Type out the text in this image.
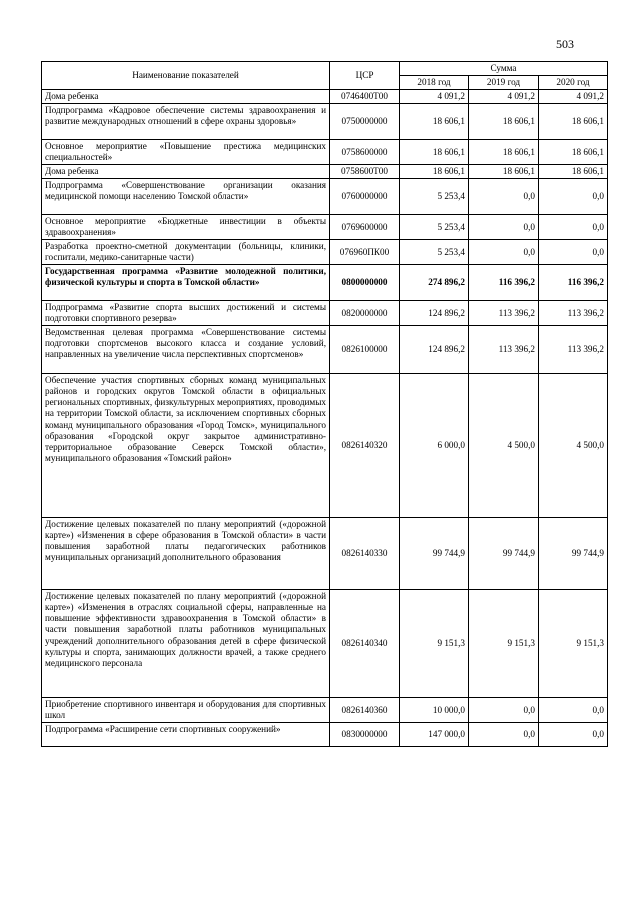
503
Наименование показателей	ЦСР	Сумма		
		2018 год	2019 год	2020 год
Дома ребенка	0746400Т00	4 091,2	4 091,2	4 091,2
Подпрограмма «Кадровое обеспечение системы здравоохранения и развитие международных отношений в сфере охраны здоровья»	0750000000	18 606,1	18 606,1	18 606,1
Основное мероприятие «Повышение престижа медицинских специальностей»	0758600000	18 606,1	18 606,1	18 606,1
Дома ребенка	0758600Т00	18 606,1	18 606,1	18 606,1
Подпрограмма «Совершенствование организации оказания медицинской помощи населению Томской области»	0760000000	5 253,4	0,0	0,0
Основное мероприятие «Бюджетные инвестиции в объекты здравоохранения»	0769600000	5 253,4	0,0	0,0
Разработка проектно-сметной документации (больницы, клиники, госпитали, медико-санитарные части)	076960ПК00	5 253,4	0,0	0,0
Государственная программа «Развитие молодежной политики, физической культуры и спорта в Томской области»	0800000000	274 896,2	116 396,2	116 396,2
Подпрограмма «Развитие спорта высших достижений и системы подготовки спортивного резерва»	0820000000	124 896,2	113 396,2	113 396,2
Ведомственная целевая программа «Совершенствование системы подготовки спортсменов высокого класса и создание условий, направленных на увеличение числа перспективных спортсменов»	0826100000	124 896,2	113 396,2	113 396,2
Обеспечение участия спортивных сборных команд муниципальных районов и городских округов Томской области в официальных региональных спортивных, физкультурных мероприятиях, проводимых на территории Томской области, за исключением спортивных сборных команд муниципального образования «Город Томск», муниципального образования «Городской округ закрытое административно-территориальное образование Северск Томской области», муниципального образования «Томский район»	0826140320	6 000,0	4 500,0	4 500,0
Достижение целевых показателей по плану мероприятий («дорожной карте») «Изменения в сфере образования в Томской области» в части повышения заработной платы педагогических работников муниципальных организаций дополнительного образования	0826140330	99 744,9	99 744,9	99 744,9
Достижение целевых показателей по плану мероприятий («дорожной карте») «Изменения в отраслях социальной сферы, направленные на повышение эффективности здравоохранения в Томской области» в части повышения заработной платы работников муниципальных учреждений дополнительного образования детей в сфере физической культуры и спорта, занимающих должности врачей, а также среднего медицинского персонала	0826140340	9 151,3	9 151,3	9 151,3
Приобретение спортивного инвентаря и оборудования для спортивных школ	0826140360	10 000,0	0,0	0,0
Подпрограмма «Расширение сети спортивных сооружений»	0830000000	147 000,0	0,0	0,0
